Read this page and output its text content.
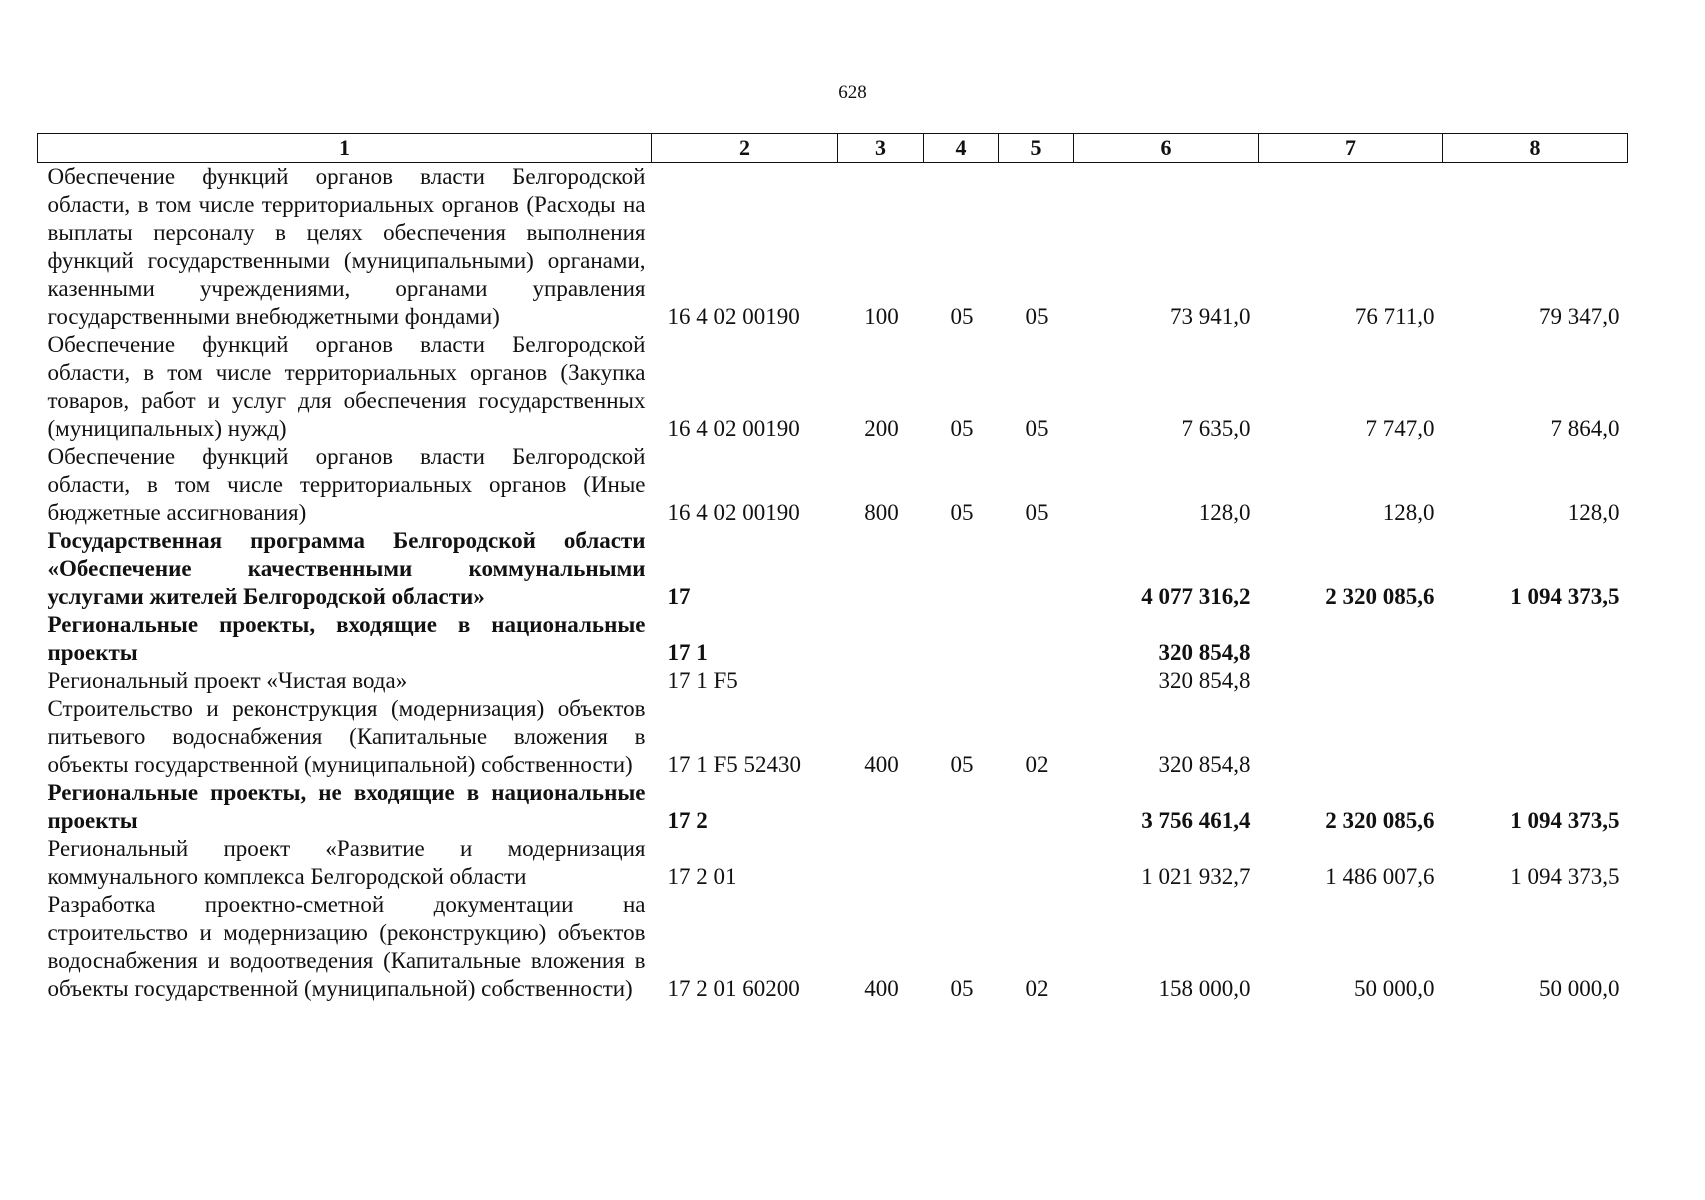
628
1	2	3	4	5	6	7	8
Обеспечение функций органов власти Белгородской области, в том числе территориальных органов (Расходы на выплаты персоналу в целях обеспечения выполнения функций государственными (муниципальными) органами, казенными учреждениями, органами управления государственными внебюджетными фондами)	16 4 02 00190	100	05	05	73 941,0	76 711,0	79 347,0
Обеспечение функций органов власти Белгородской области, в том числе территориальных органов (Закупка товаров, работ и услуг для обеспечения государственных (муниципальных) нужд)	16 4 02 00190	200	05	05	7 635,0	7 747,0	7 864,0
Обеспечение функций органов власти Белгородской области, в том числе территориальных органов (Иные бюджетные ассигнования)	16 4 02 00190	800	05	05	128,0	128,0	128,0
Государственная программа Белгородской области «Обеспечение качественными коммунальными услугами жителей Белгородской области»	17				4 077 316,2	2 320 085,6	1 094 373,5
Региональные проекты, входящие в национальные проекты	17 1				320 854,8		
Региональный проект «Чистая вода»	17 1 F5				320 854,8		
Строительство и реконструкция (модернизация) объектов питьевого водоснабжения (Капитальные вложения в объекты государственной (муниципальной) собственности)	17 1 F5 52430	400	05	02	320 854,8		
Региональные проекты, не входящие в национальные проекты	17 2				3 756 461,4	2 320 085,6	1 094 373,5
Региональный проект «Развитие и модернизация коммунального комплекса Белгородской области	17 2 01				1 021 932,7	1 486 007,6	1 094 373,5
Разработка проектно-сметной документации на строительство и модернизацию (реконструкцию) объектов водоснабжения и водоотведения (Капитальные вложения в объекты государственной (муниципальной) собственности)	17 2 01 60200	400	05	02	158 000,0	50 000,0	50 000,0
